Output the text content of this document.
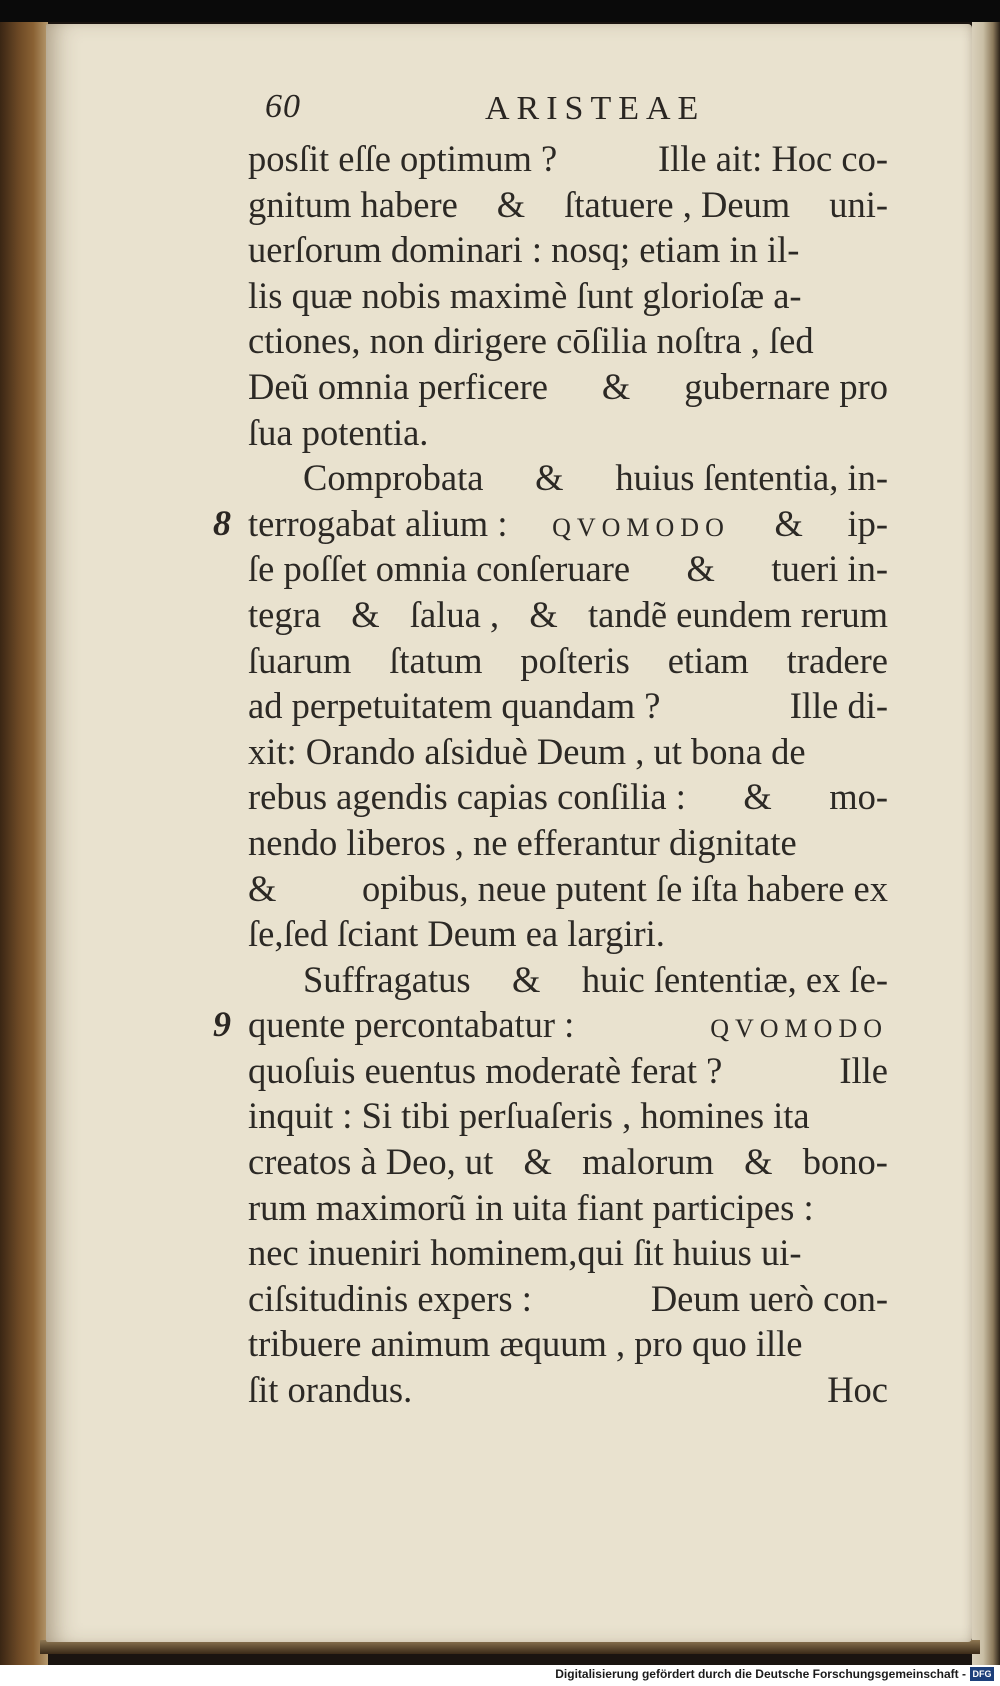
60	ARISTEAE
posſit eſſe optimum ?	Ille ait: Hoc co-
gnitum habere & ſtatuere , Deum uni-
uerſorum dominari : nosq; etiam in il-
lis quæ nobis maximè ſunt glorioſæ a-
ctiones, non dirigere cōſilia noſtra , ſed
Deũ omnia perficere & gubernare pro
ſua potentia.
Comprobata & huius ſententia, in-
terrogabat alium : QVOMODO & ip-
ſe poſſet omnia conſeruare & tueri in-
tegra & ſalua , & tandẽ eundem rerum
ſuarum ſtatum poſteris etiam tradere
ad perpetuitatem quandam ?	Ille di-
xit: Orando aſsiduè Deum , ut bona de
rebus agendis capias conſilia : & mo-
nendo liberos , ne efferantur dignitate
& opibus, neue putent ſe iſta habere ex
ſe,ſed ſciant Deum ea largiri.
Suffragatus & huic ſententiæ, ex ſe-
quente percontabatur :	QVOMODO
quoſuis euentus moderatè ferat ?	Ille
inquit : Si tibi perſuaſeris , homines ita
creatos à Deo, ut & malorum & bono-
rum maximorũ in uita fiant participes :
nec inueniri hominem,qui ſit huius ui-
ciſsitudinis expers :	Deum uerò con-
tribuere animum æquum , pro quo ille
ſit orandus.	Hoc
8
9
Digitalisierung gefördert durch die Deutsche Forschungsgemeinschaft - DFG
